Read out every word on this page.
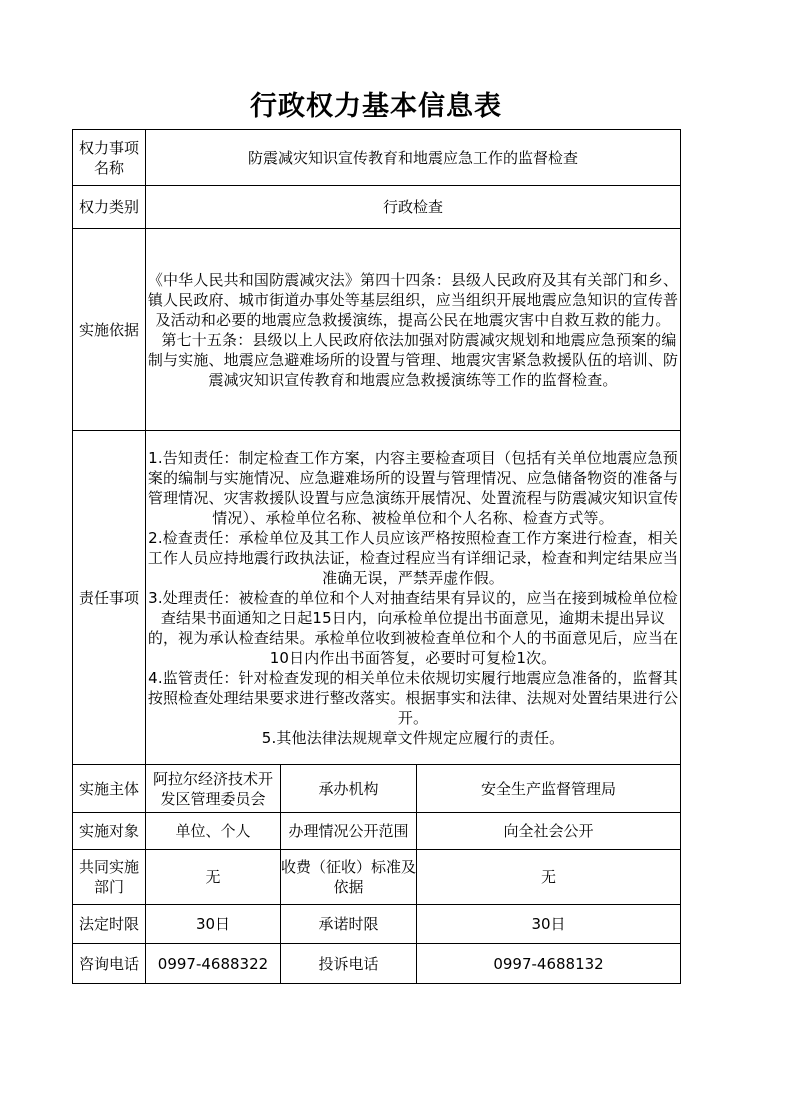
行政权力基本信息表
权力事项名称	防震减灾知识宣传教育和地震应急工作的监督检查		
权力类别	行政检查		
实施依据	《中华人民共和国防震减灾法》第四十四条：县级人民政府及其有关部门和乡、镇人民政府、城市街道办事处等基层组织，应当组织开展地震应急知识的宣传普及活动和必要的地震应急救援演练，提高公民在地震灾害中自救互救的能力。

第七十五条：县级以上人民政府依法加强对防震减灾规划和地震应急预案的编制与实施、地震应急避难场所的设置与管理、地震灾害紧急救援队伍的培训、防震减灾知识宣传教育和地震应急救援演练等工作的监督检查。		

责任事项	1.告知责任：制定检查工作方案，内容主要检查项目（包括有关单位地震应急预案的编制与实施情况、应急避难场所的设置与管理情况、应急储备物资的准备与管理情况、灾害救援队设置与应急演练开展情况、处置流程与防震减灾知识宣传情况）、承检单位名称、被检单位和个人名称、检查方式等。

2.检查责任：承检单位及其工作人员应该严格按照检查工作方案进行检查，相关工作人员应持地震行政执法证，检查过程应当有详细记录，检查和判定结果应当准确无误，严禁弄虚作假。

3.处理责任：被检查的单位和个人对抽查结果有异议的，应当在接到城检单位检查结果书面通知之日起15日内，向承检单位提出书面意见，逾期未提出异议的，视为承认检查结果。承检单位收到被检查单位和个人的书面意见后，应当在10日内作出书面答复，必要时可复检1次。

4.监管责任：针对检查发现的相关单位未依规切实履行地震应急准备的，监督其按照检查处理结果要求进行整改落实。根据事实和法律、法规对处置结果进行公开。

5.其他法律法规规章文件规定应履行的责任。		

实施主体	阿拉尔经济技术开发区管理委员会	承办机构	安全生产监督管理局
实施对象	单位、个人	办理情况公开范围	向全社会公开
共同实施部门	无	收费（征收）标准及依据	无
法定时限	30日	承诺时限	30日
咨询电话	0997-4688322	投诉电话	0997-4688132
